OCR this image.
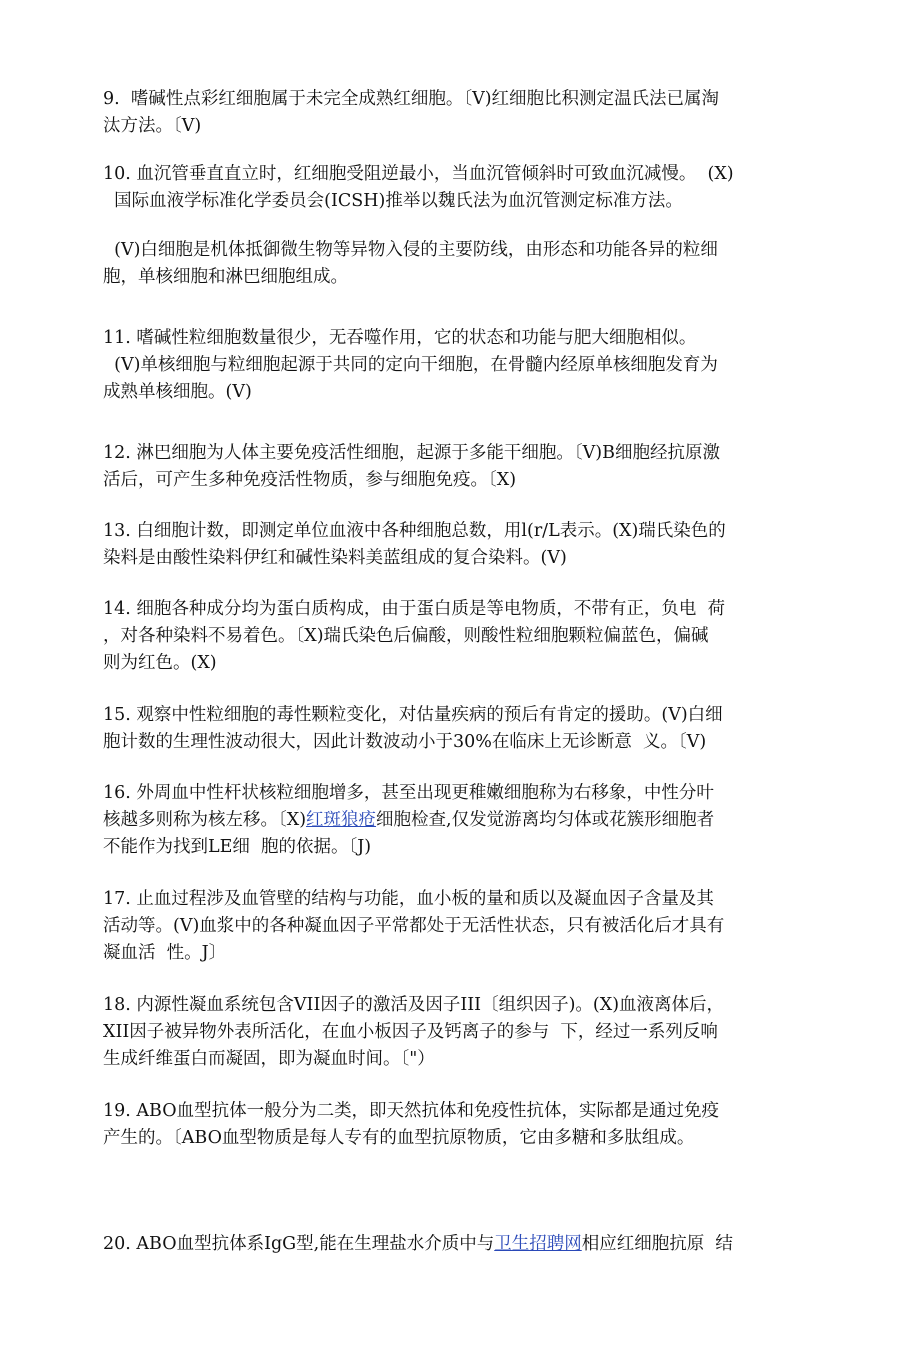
9.  嗜碱性点彩红细胞属于未完全成熟红细胞。〔V)红细胞比积测定温氏法已属淘
汰方法。〔V)

10. 血沉管垂直直立时，红细胞受阻逆最小，当血沉管倾斜时可致血沉减慢。  (X)
国际血液学标准化学委员会(ICSH)推举以魏氏法为血沉管测定标准方法。

(V)白细胞是机体抵御微生物等异物入侵的主要防线，由形态和功能各异的粒细
胞，单核细胞和淋巴细胞组成。

11. 嗜碱性粒细胞数量很少，无吞噬作用，它的状态和功能与肥大细胞相似。
(V)单核细胞与粒细胞起源于共同的定向干细胞，在骨髓内经原单核细胞发育为
成熟单核细胞。(V)

12. 淋巴细胞为人体主要免疫活性细胞，起源于多能干细胞。〔V)B细胞经抗原激
活后，可产生多种免疫活性物质，参与细胞免疫。〔X)

13. 白细胞计数，即测定单位血液中各种细胞总数，用l(r/L表示。(X)瑞氏染色的
染料是由酸性染料伊红和碱性染料美蓝组成的复合染料。(V)

14. 细胞各种成分均为蛋白质构成，由于蛋白质是等电物质，不带有正，负电  荷
，对各种染料不易着色。〔X)瑞氏染色后偏酸，则酸性粒细胞颗粒偏蓝色，偏碱
则为红色。(X)

15. 观察中性粒细胞的毒性颗粒变化，对估量疾病的预后有肯定的援助。(V)白细
胞计数的生理性波动很大，因此计数波动小于30%在临床上无诊断意  义。〔V)

16. 外周血中性杆状核粒细胞增多，甚至出现更稚嫩细胞称为右移象，中性分叶
核越多则称为核左移。〔X)红斑狼疮细胞检查,仅发觉游离均匀体或花簇形细胞者
不能作为找到LE细  胞的依据。〔J)

17. 止血过程涉及血管壁的结构与功能，血小板的量和质以及凝血因子含量及其
活动等。(V)血浆中的各种凝血因子平常都处于无活性状态，只有被活化后才具有
凝血活  性。J〕

18. 内源性凝血系统包含VII因子的激活及因子III〔组织因子)。(X)血液离体后，
XII因子被异物外表所活化，在血小板因子及钙离子的参与  下，经过一系列反响
生成纤维蛋白而凝固，即为凝血时间。〔"）

19. ABO血型抗体一般分为二类，即天然抗体和免疫性抗体，实际都是通过免疫
产生的。〔ABO血型物质是每人专有的血型抗原物质，它由多糖和多肽组成。

20. ABO血型抗体系IgG型,能在生理盐水介质中与卫生招聘网相应红细胞抗原  结
